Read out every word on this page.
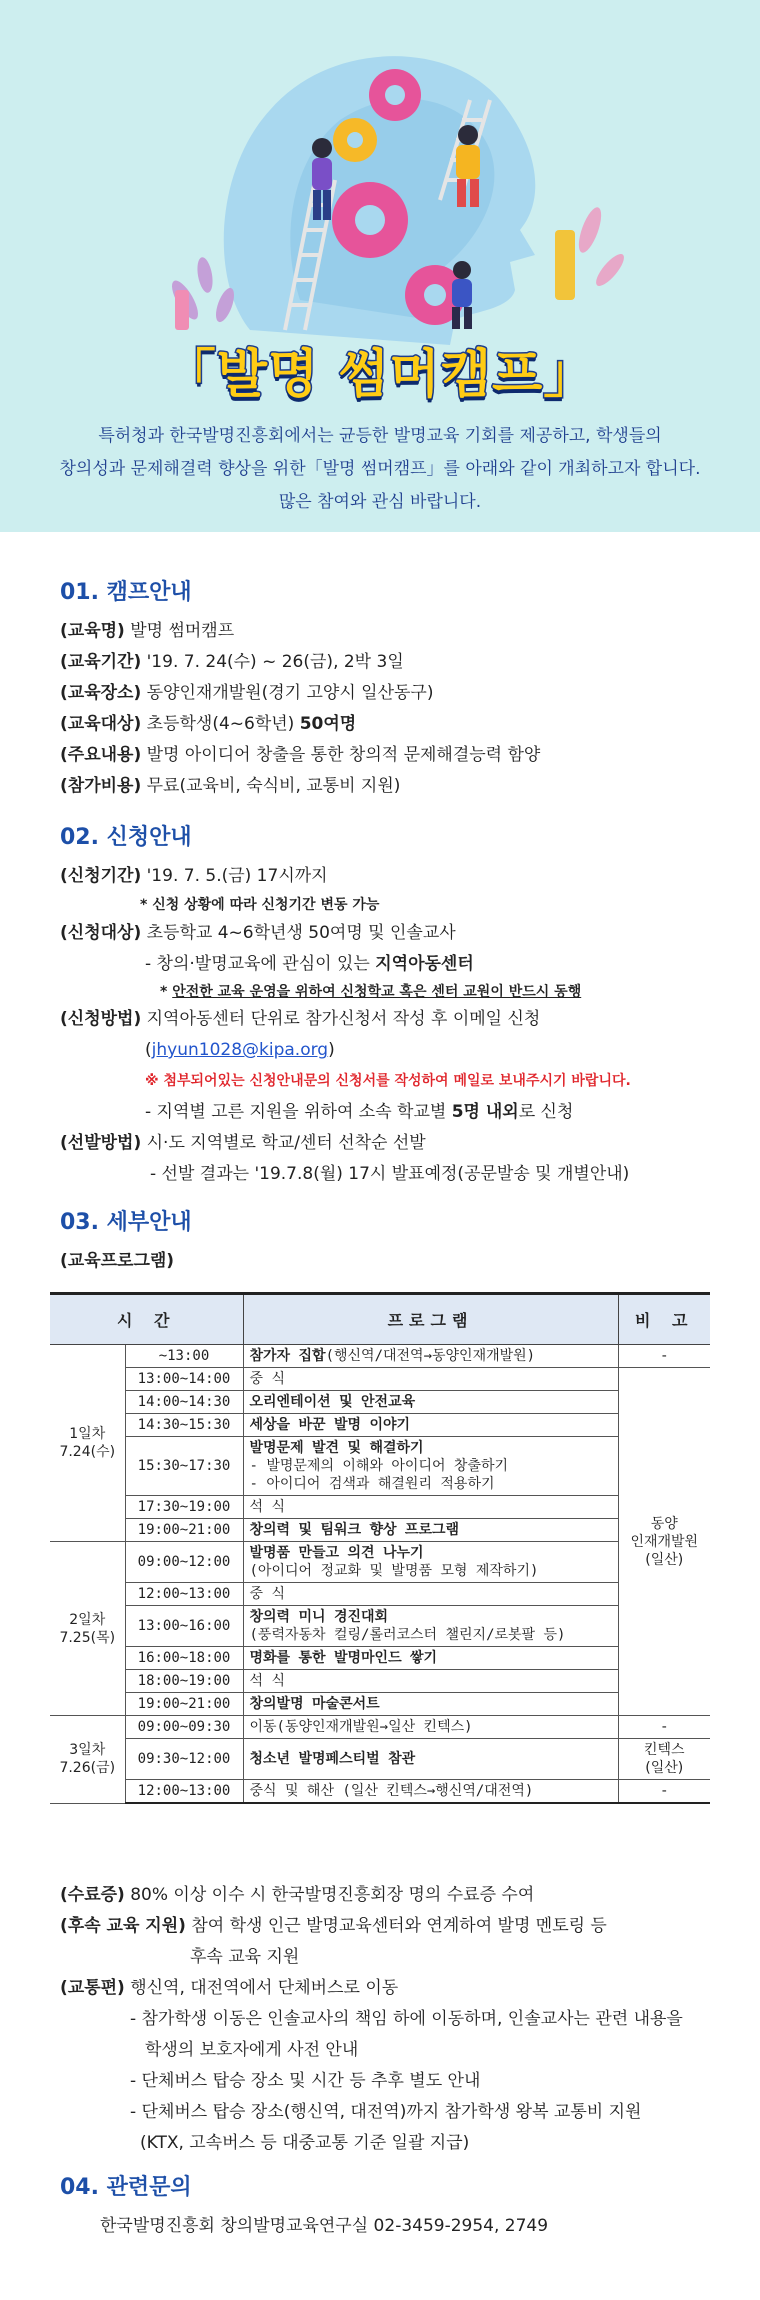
「발명 썸머캠프」
특허청과 한국발명진흥회에서는 균등한 발명교육 기회를 제공하고, 학생들의
창의성과 문제해결력 향상을 위한「발명 썸머캠프」를 아래와 같이 개최하고자 합니다.
많은 참여와 관심 바랍니다.
01. 캠프안내
(교육명) 발명 썸머캠프
(교육기간) '19. 7. 24(수) ~ 26(금), 2박 3일
(교육장소) 동양인재개발원(경기 고양시 일산동구)
(교육대상) 초등학생(4~6학년) 50여명
(주요내용) 발명 아이디어 창출을 통한 창의적 문제해결능력 함양
(참가비용) 무료(교육비, 숙식비, 교통비 지원)
02. 신청안내
(신청기간) '19. 7. 5.(금) 17시까지
* 신청 상황에 따라 신청기간 변동 가능
(신청대상) 초등학교 4~6학년생 50여명 및 인솔교사
- 창의·발명교육에 관심이 있는 지역아동센터
* 안전한 교육 운영을 위하여 신청학교 혹은 센터 교원이 반드시 동행
(신청방법) 지역아동센터 단위로 참가신청서 작성 후 이메일 신청
(jhyun1028@kipa.org)
※ 첨부되어있는 신청안내문의 신청서를 작성하여 메일로 보내주시기 바랍니다.
- 지역별 고른 지원을 위하여 소속 학교별 5명 내외로 신청
(선발방법) 시·도 지역별로 학교/센터 선착순 선발
- 선발 결과는 '19.7.8(월) 17시 발표예정(공문발송 및 개별안내)
03. 세부안내
(교육프로그램)
시 간		프로그램	비 고
1일차
7.24(수)	~13:00	참가자 집합(행신역/대전역→동양인재개발원)	-
	13:00~14:00	중 식	동양
인재개발원
(일산)
	14:00~14:30	오리엔테이션 및 안전교육	
	14:30~15:30	세상을 바꾼 발명 이야기	
	15:30~17:30	발명문제 발견 및 해결하기
- 발명문제의 이해와 아이디어 창출하기
- 아이디어 검색과 해결원리 적용하기	

	17:30~19:00	석 식	
	19:00~21:00	창의력 및 팀워크 향상 프로그램	
2일차
7.25(목)	09:00~12:00	발명품 만들고 의견 나누기
(아이디어 정교화 및 발명품 모형 제작하기)	

	12:00~13:00	중 식	
	13:00~16:00	창의력 미니 경진대회
(풍력자동차 컬링/롤러코스터 챌린지/로봇팔 등)	

	16:00~18:00	명화를 통한 발명마인드 쌓기	
	18:00~19:00	석 식	
	19:00~21:00	창의발명 마술콘서트	
3일차
7.26(금)	09:00~09:30	이동(동양인재개발원→일산 킨텍스)	-
	09:30~12:00	청소년 발명페스티벌 참관	킨텍스
(일산)
	12:00~13:00	중식 및 해산 (일산 킨텍스→행신역/대전역)	-
(수료증) 80% 이상 이수 시 한국발명진흥회장 명의 수료증 수여
(후속 교육 지원) 참여 학생 인근 발명교육센터와 연계하여 발명 멘토링 등
후속 교육 지원
(교통편) 행신역, 대전역에서 단체버스로 이동
- 참가학생 이동은 인솔교사의 책임 하에 이동하며, 인솔교사는 관련 내용을
학생의 보호자에게 사전 안내
- 단체버스 탑승 장소 및 시간 등 추후 별도 안내
- 단체버스 탑승 장소(행신역, 대전역)까지 참가학생 왕복 교통비 지원
(KTX, 고속버스 등 대중교통 기준 일괄 지급)
04. 관련문의
한국발명진흥회 창의발명교육연구실 02-3459-2954, 2749
